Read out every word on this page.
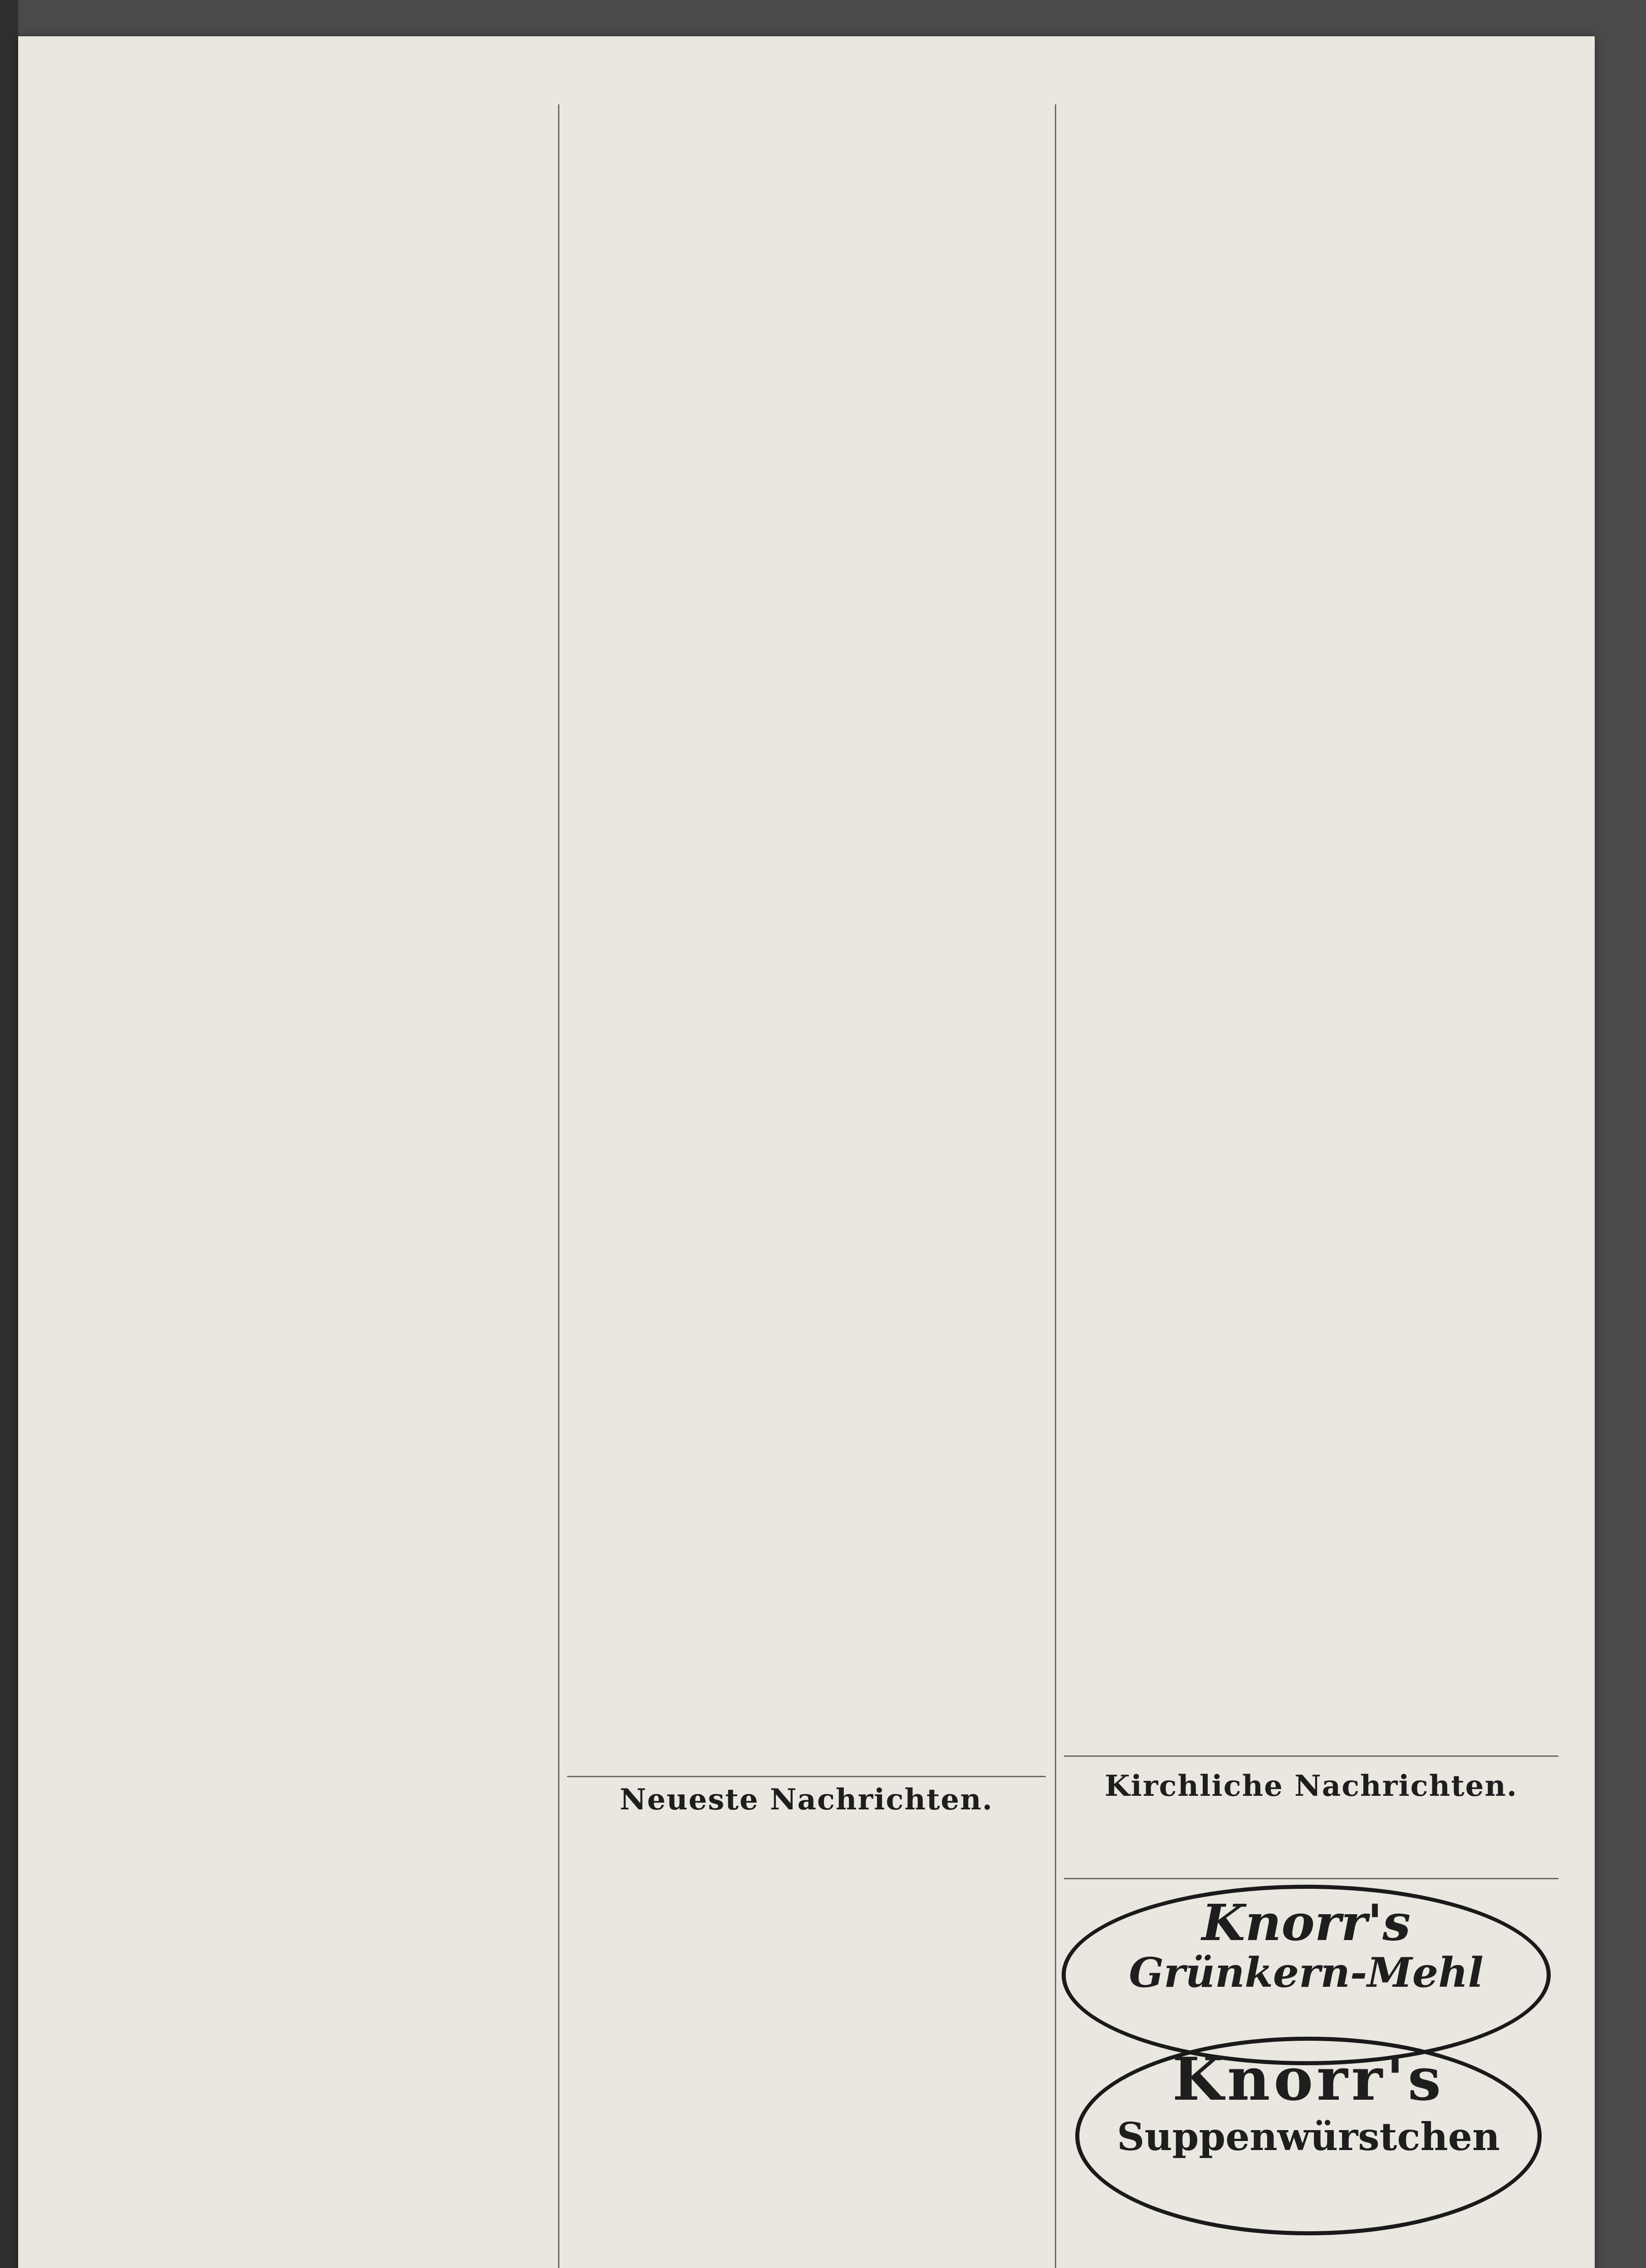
Neueste Nachrichten.	Kirchliche Nachrichten.

Knorr's
Grünkern-Mehl
Knorr's
Suppenwürstchen
